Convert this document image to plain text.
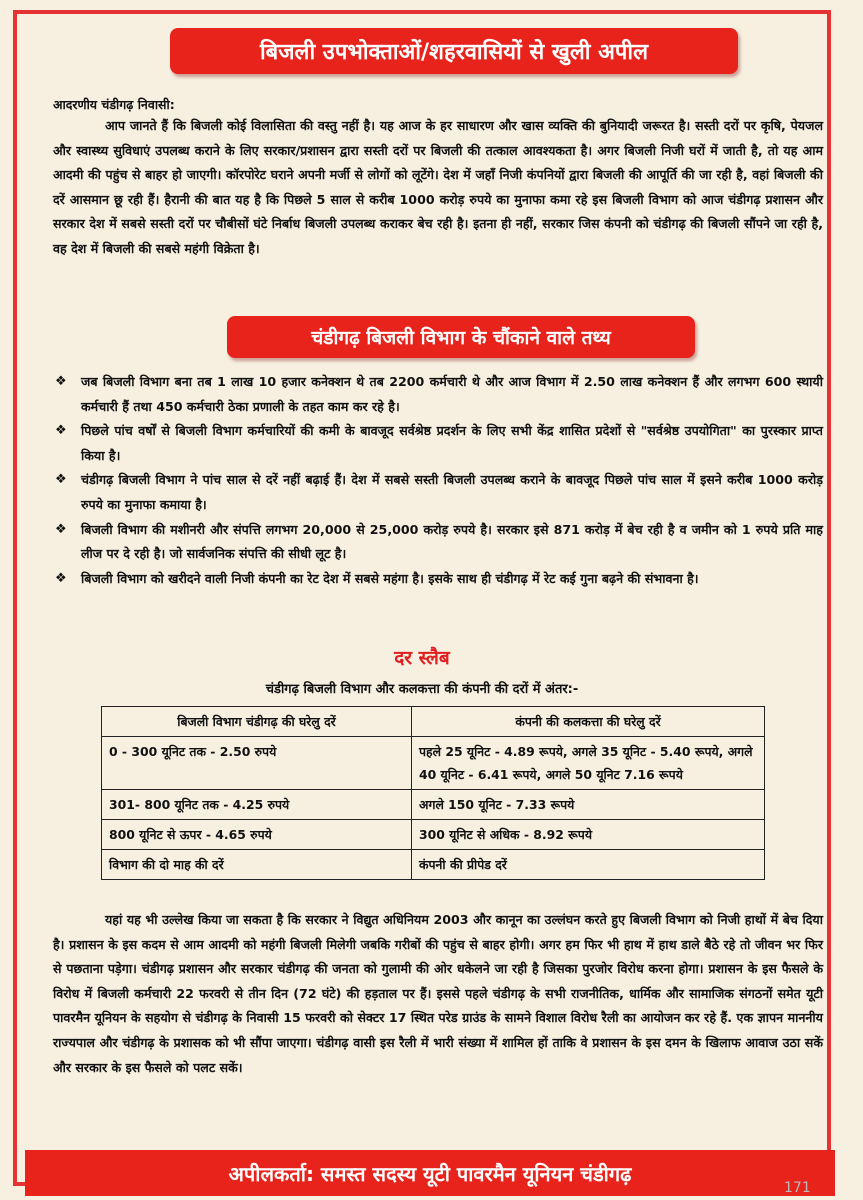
बिजली उपभोक्ताओं/शहरवासियों से खुली अपील
आदरणीय चंडीगढ़ निवासी:

आप जानते हैं कि बिजली कोई विलासिता की वस्तु नहीं है। यह आज के हर साधारण और खास व्यक्ति की बुनियादी जरूरत है। सस्ती दरों पर कृषि, पेयजल और स्वास्थ्य सुविधाएं उपलब्ध कराने के लिए सरकार/प्रशासन द्वारा सस्ती दरों पर बिजली की तत्काल आवश्यकता है। अगर बिजली निजी घरों में जाती है, तो यह आम आदमी की पहुंच से बाहर हो जाएगी। कॉरपोरेट घराने अपनी मर्जी से लोगों को लूटेंगे। देश में जहाँ निजी कंपनियों द्वारा बिजली की आपूर्ति की जा रही है, वहां बिजली की दरें आसमान छू रही हैं। हैरानी की बात यह है कि पिछले 5 साल से करीब 1000 करोड़ रुपये का मुनाफा कमा रहे इस बिजली विभाग को आज चंडीगढ़ प्रशासन और सरकार देश में सबसे सस्ती दरों पर चौबीसों घंटे निर्बाध बिजली उपलब्ध कराकर बेच रही है। इतना ही नहीं, सरकार जिस कंपनी को चंडीगढ़ की बिजली सौंपने जा रही है, वह देश में बिजली की सबसे महंगी विक्रेता है।

चंडीगढ़ बिजली विभाग के चौंकाने वाले तथ्य
❖ जब बिजली विभाग बना तब 1 लाख 10 हजार कनेक्शन थे तब 2200 कर्मचारी थे और आज विभाग में 2.50 लाख कनेक्शन हैं और लगभग 600 स्थायी कर्मचारी हैं तथा 450 कर्मचारी ठेका प्रणाली के तहत काम कर रहे है।
❖ पिछले पांच वर्षों से बिजली विभाग कर्मचारियों की कमी के बावजूद सर्वश्रेष्ठ प्रदर्शन के लिए सभी केंद्र शासित प्रदेशों से "सर्वश्रेष्ठ उपयोगिता" का पुरस्कार प्राप्त किया है।
❖ चंडीगढ़ बिजली विभाग ने पांच साल से दरें नहीं बढ़ाई हैं। देश में सबसे सस्ती बिजली उपलब्ध कराने के बावजूद पिछले पांच साल में इसने करीब 1000 करोड़ रुपये का मुनाफा कमाया है।
❖ बिजली विभाग की मशीनरी और संपत्ति लगभग 20,000 से 25,000 करोड़ रुपये है। सरकार इसे 871 करोड़ में बेच रही है व जमीन को 1 रुपये प्रति माह लीज पर दे रही है। जो सार्वजनिक संपत्ति की सीधी लूट है।
❖ बिजली विभाग को खरीदने वाली निजी कंपनी का रेट देश में सबसे महंगा है। इसके साथ ही चंडीगढ़ में रेट कई गुना बढ़ने की संभावना है।
दर स्लैब
चंडीगढ़ बिजली विभाग और कलकत्ता की कंपनी की दरों में अंतर:-
बिजली विभाग चंडीगढ़ की घरेलु दरें	कंपनी की कलकत्ता की घरेलु दरें
0 - 300 यूनिट तक - 2.50 रुपये	पहले 25 यूनिट - 4.89 रूपये, अगले 35 यूनिट - 5.40 रूपये, अगले 40 यूनिट - 6.41 रूपये, अगले 50 यूनिट 7.16 रूपये
301- 800 यूनिट तक - 4.25 रुपये	अगले 150 यूनिट - 7.33 रूपये
800 यूनिट से ऊपर - 4.65 रुपये	300 यूनिट से अधिक - 8.92 रूपये
विभाग की दो माह की दरें	कंपनी की प्रीपेड दरें

यहां यह भी उल्लेख किया जा सकता है कि सरकार ने विद्युत अधिनियम 2003 और कानून का उल्लंघन करते हुए बिजली विभाग को निजी हाथों में बेच दिया है। प्रशासन के इस कदम से आम आदमी को महंगी बिजली मिलेगी जबकि गरीबों की पहुंच से बाहर होगी। अगर हम फिर भी हाथ में हाथ डाले बैठे रहे तो जीवन भर फिर से पछताना पड़ेगा। चंडीगढ़ प्रशासन और सरकार चंडीगढ़ की जनता को गुलामी की ओर धकेलने जा रही है जिसका पुरजोर विरोध करना होगा। प्रशासन के इस फैसले के विरोध में बिजली कर्मचारी 22 फरवरी से तीन दिन (72 घंटे) की हड़ताल पर हैं। इससे पहले चंडीगढ़ के सभी राजनीतिक, धार्मिक और सामाजिक संगठनों समेत यूटी पावरमैन यूनियन के सहयोग से चंडीगढ़ के निवासी 15 फरवरी को सेक्टर 17 स्थित परेड ग्राउंड के सामने विशाल विरोध रैली का आयोजन कर रहे हैं. एक ज्ञापन माननीय राज्यपाल और चंडीगढ़ के प्रशासक को भी सौंपा जाएगा। चंडीगढ़ वासी इस रैली में भारी संख्या में शामिल हों ताकि वे प्रशासन के इस दमन के खिलाफ आवाज उठा सकें और सरकार के इस फैसले को पलट सकें।

अपीलकर्ता: समस्त सदस्य यूटी पावरमैन यूनियन चंडीगढ़
171
